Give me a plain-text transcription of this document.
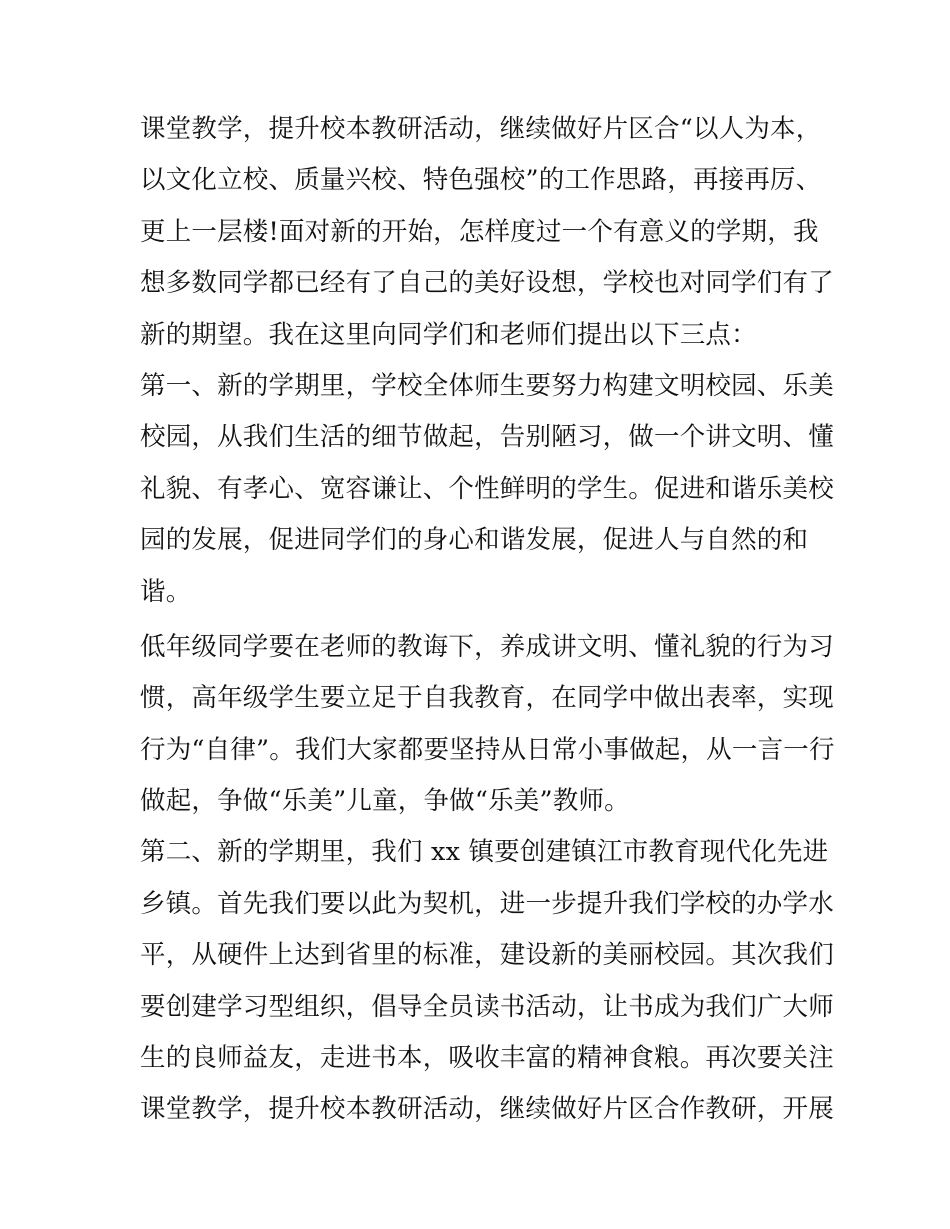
课堂教学，提升校本教研活动，继续做好片区合“以人为本，
以文化立校、质量兴校、特色强校”的工作思路，再接再厉、
更上一层楼!面对新的开始，怎样度过一个有意义的学期，我
想多数同学都已经有了自己的美好设想，学校也对同学们有了
新的期望。我在这里向同学们和老师们提出以下三点：
第一、新的学期里，学校全体师生要努力构建文明校园、乐美
校园，从我们生活的细节做起，告别陋习，做一个讲文明、懂
礼貌、有孝心、宽容谦让、个性鲜明的学生。促进和谐乐美校
园的发展，促进同学们的身心和谐发展，促进人与自然的和
谐。
低年级同学要在老师的教诲下，养成讲文明、懂礼貌的行为习
惯，高年级学生要立足于自我教育，在同学中做出表率，实现
行为“自律”。我们大家都要坚持从日常小事做起，从一言一行
做起，争做“乐美”儿童，争做“乐美”教师。
第二、新的学期里，我们 xx 镇要创建镇江市教育现代化先进
乡镇。首先我们要以此为契机，进一步提升我们学校的办学水
平，从硬件上达到省里的标准，建设新的美丽校园。其次我们
要创建学习型组织，倡导全员读书活动，让书成为我们广大师
生的良师益友，走进书本，吸收丰富的精神食粮。再次要关注
课堂教学，提升校本教研活动，继续做好片区合作教研，开展
